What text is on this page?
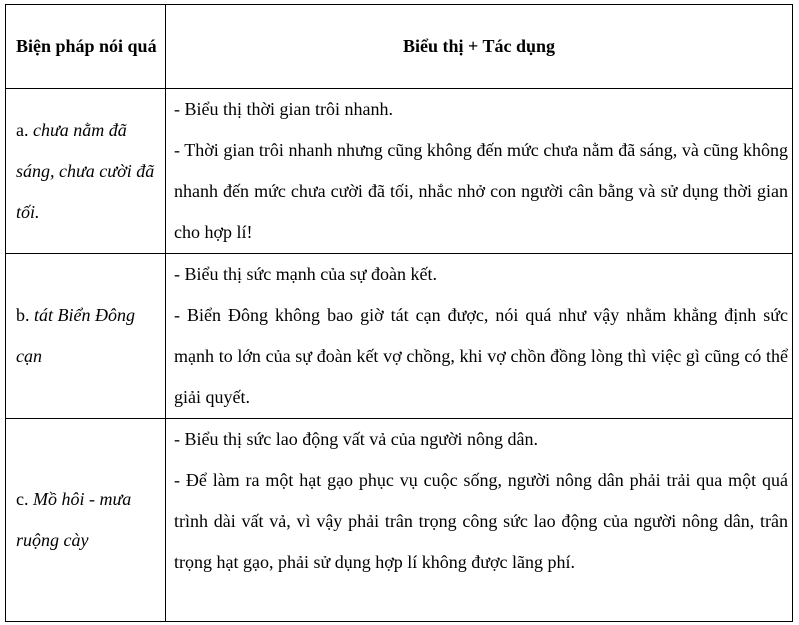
Biện pháp nói quá	Biểu thị + Tác dụng
a. chưa nằm đã sáng, chưa cười đã tối.	- Biểu thị thời gian trôi nhanh.

- Thời gian trôi nhanh nhưng cũng không đến mức chưa nằm đã sáng, và cũng không nhanh đến mức chưa cười đã tối, nhắc nhở con người cân bằng và sử dụng thời gian cho hợp lí!

b. tát Biển Đông cạn	- Biểu thị sức mạnh của sự đoàn kết.

- Biển Đông không bao giờ tát cạn được, nói quá như vậy nhằm khẳng định sức mạnh to lớn của sự đoàn kết vợ chồng, khi vợ chồn đồng lòng thì việc gì cũng có thể giải quyết.

c. Mồ hôi - mưa ruộng cày	- Biểu thị sức lao động vất vả của người nông dân.

- Để làm ra một hạt gạo phục vụ cuộc sống, người nông dân phải trải qua một quá trình dài vất vả, vì vậy phải trân trọng công sức lao động của người nông dân, trân trọng hạt gạo, phải sử dụng hợp lí không được lãng phí.
